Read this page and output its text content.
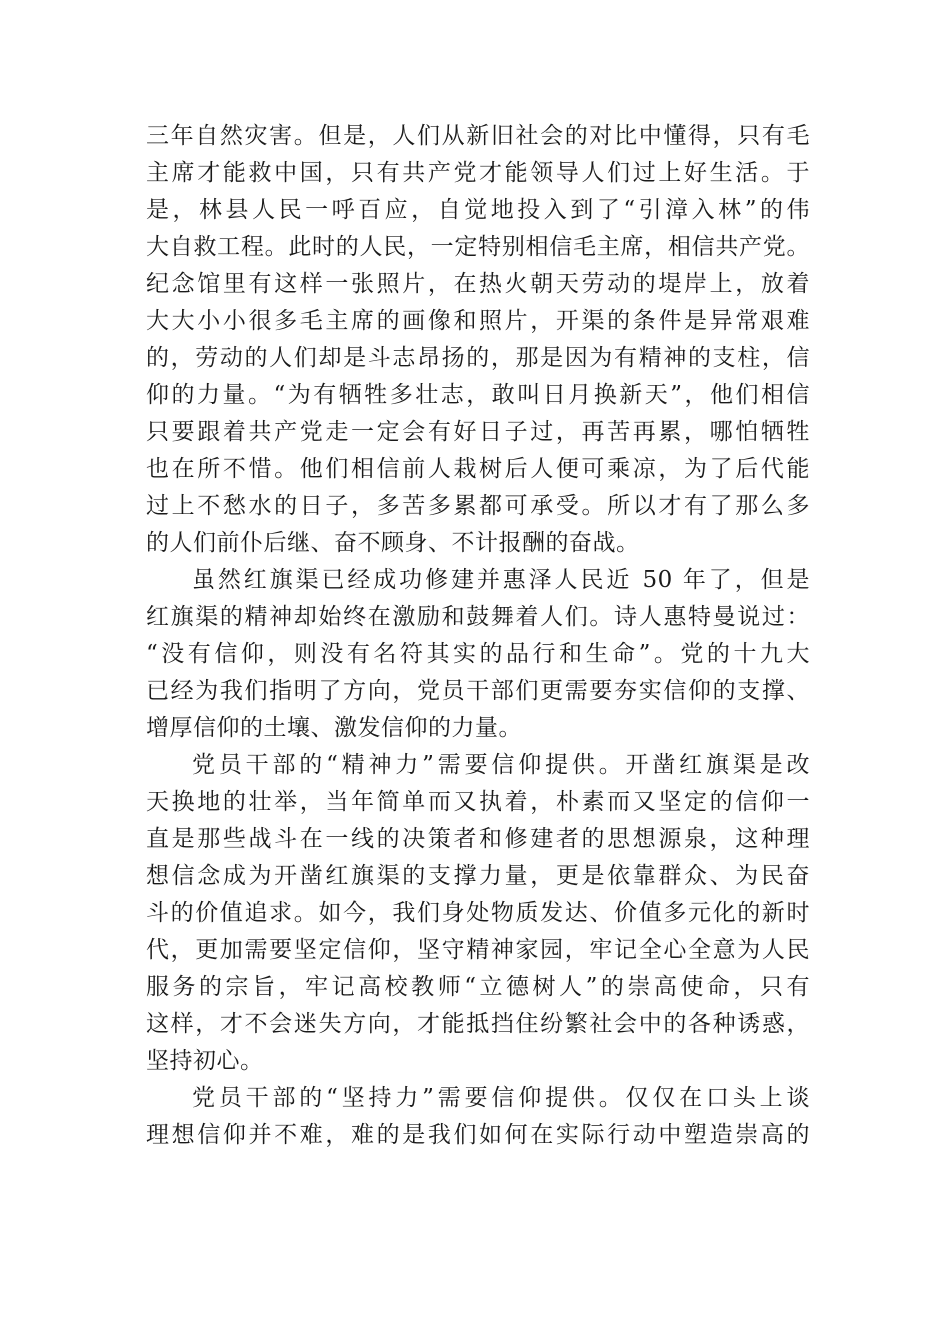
三年自然灾害。但是，人们从新旧社会的对比中懂得，只有毛
主席才能救中国，只有共产党才能领导人们过上好生活。于
是，林县人民一呼百应，自觉地投入到了“引漳入林”的伟
大自救工程。此时的人民，一定特别相信毛主席，相信共产党。
纪念馆里有这样一张照片，在热火朝天劳动的堤岸上，放着
大大小小很多毛主席的画像和照片，开渠的条件是异常艰难
的，劳动的人们却是斗志昂扬的，那是因为有精神的支柱，信
仰的力量。“为有牺牲多壮志，敢叫日月换新天”，他们相信
只要跟着共产党走一定会有好日子过，再苦再累，哪怕牺牲
也在所不惜。他们相信前人栽树后人便可乘凉，为了后代能
过上不愁水的日子，多苦多累都可承受。所以才有了那么多
的人们前仆后继、奋不顾身、不计报酬的奋战。
虽然红旗渠已经成功修建并惠泽人民近 50 年了，但是
红旗渠的精神却始终在激励和鼓舞着人们。诗人惠特曼说过：
“没有信仰，则没有名符其实的品行和生命”。党的十九大
已经为我们指明了方向，党员干部们更需要夯实信仰的支撑、
增厚信仰的土壤、激发信仰的力量。
党员干部的“精神力”需要信仰提供。开凿红旗渠是改
天换地的壮举，当年简单而又执着，朴素而又坚定的信仰一
直是那些战斗在一线的决策者和修建者的思想源泉，这种理
想信念成为开凿红旗渠的支撑力量，更是依靠群众、为民奋
斗的价值追求。如今，我们身处物质发达、价值多元化的新时
代，更加需要坚定信仰，坚守精神家园，牢记全心全意为人民
服务的宗旨，牢记高校教师“立德树人”的崇高使命，只有
这样，才不会迷失方向，才能抵挡住纷繁社会中的各种诱惑，
坚持初心。
党员干部的“坚持力”需要信仰提供。仅仅在口头上谈
理想信仰并不难，难的是我们如何在实际行动中塑造崇高的
